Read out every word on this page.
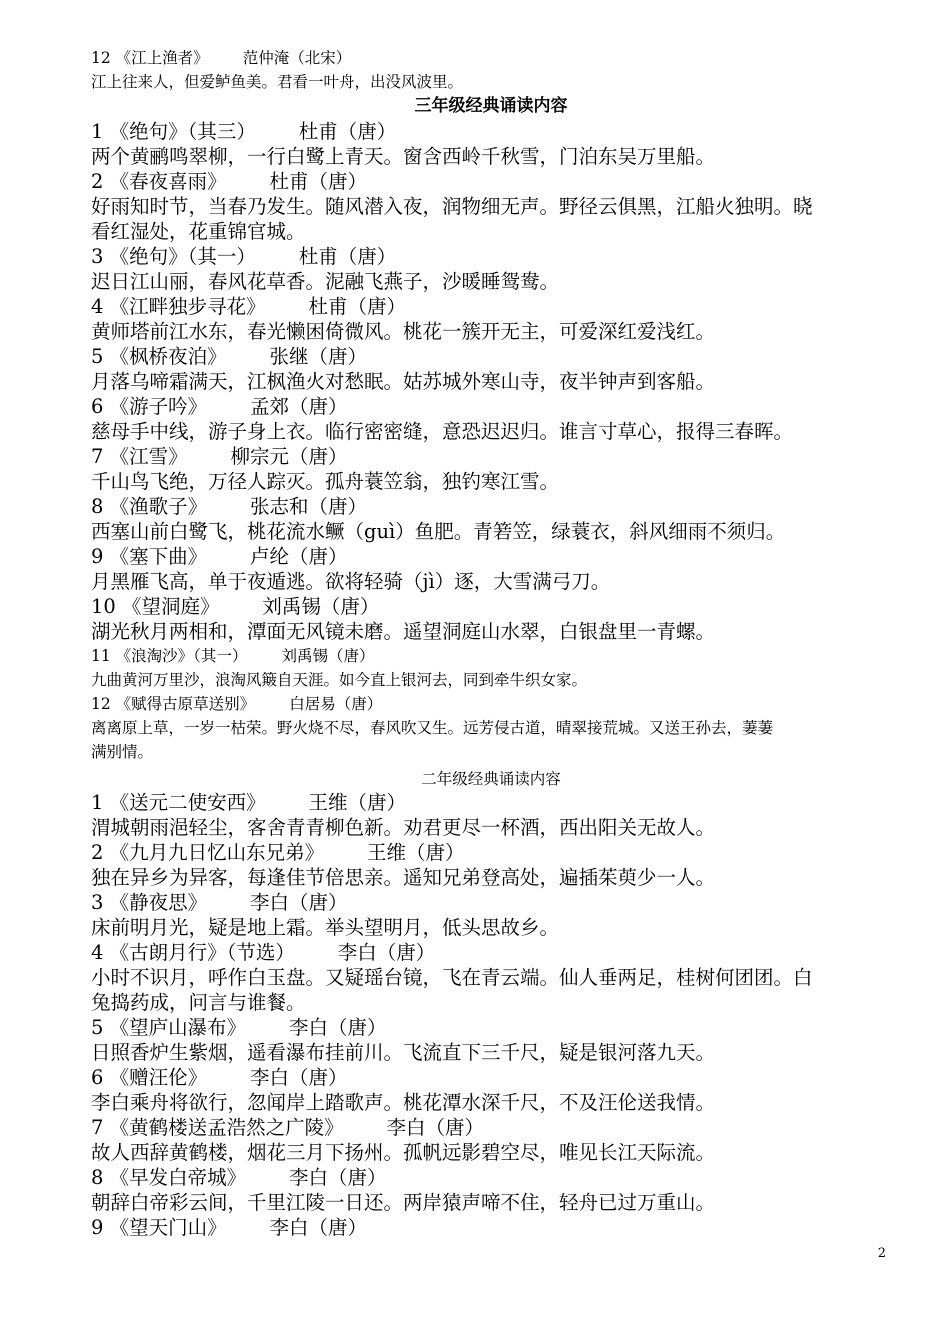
12 《江上渔者》 范仲淹（北宋）
江上往来人，但爱鲈鱼美。君看一叶舟，出没风波里。
三年级经典诵读内容
1 《绝句》（其三） 杜甫（唐）
两个黄鹂鸣翠柳，一行白鹭上青天。窗含西岭千秋雪，门泊东吴万里船。
2 《春夜喜雨》 杜甫（唐）
好雨知时节，当春乃发生。随风潜入夜，润物细无声。野径云俱黑，江船火独明。晓
看红湿处，花重锦官城。
3 《绝句》（其一） 杜甫（唐）
迟日江山丽，春风花草香。泥融飞燕子，沙暖睡鸳鸯。
4 《江畔独步寻花》 杜甫（唐）
黄师塔前江水东，春光懒困倚微风。桃花一簇开无主，可爱深红爱浅红。
5 《枫桥夜泊》 张继（唐）
月落乌啼霜满天，江枫渔火对愁眠。姑苏城外寒山寺，夜半钟声到客船。
6 《游子吟》 孟郊（唐）
慈母手中线，游子身上衣。临行密密缝，意恐迟迟归。谁言寸草心，报得三春晖。
7 《江雪》 柳宗元（唐）
千山鸟飞绝，万径人踪灭。孤舟蓑笠翁，独钓寒江雪。
8 《渔歌子》 张志和（唐）
西塞山前白鹭飞，桃花流水鳜（guì）鱼肥。青箬笠，绿蓑衣，斜风细雨不须归。
9 《塞下曲》 卢纶（唐）
月黑雁飞高，单于夜遁逃。欲将轻骑（jì）逐，大雪满弓刀。
10 《望洞庭》 刘禹锡（唐）
湖光秋月两相和，潭面无风镜未磨。遥望洞庭山水翠，白银盘里一青螺。
11 《浪淘沙》（其一） 刘禹锡（唐）
九曲黄河万里沙，浪淘风簸自天涯。如今直上银河去，同到牵牛织女家。
12 《赋得古原草送别》 白居易（唐）
离离原上草，一岁一枯荣。野火烧不尽，春风吹又生。远芳侵古道，晴翠接荒城。又送王孙去，萋萋
满别情。
二年级经典诵读内容
1 《送元二使安西》 王维（唐）
渭城朝雨浥轻尘，客舍青青柳色新。劝君更尽一杯酒，西出阳关无故人。
2 《九月九日忆山东兄弟》 王维（唐）
独在异乡为异客，每逢佳节倍思亲。遥知兄弟登高处，遍插茱萸少一人。
3 《静夜思》 李白（唐）
床前明月光，疑是地上霜。举头望明月，低头思故乡。
4 《古朗月行》（节选） 李白（唐）
小时不识月，呼作白玉盘。又疑瑶台镜，飞在青云端。仙人垂两足，桂树何团团。白
兔捣药成，问言与谁餐。
5 《望庐山瀑布》 李白（唐）
日照香炉生紫烟，遥看瀑布挂前川。飞流直下三千尺，疑是银河落九天。
6 《赠汪伦》 李白（唐）
李白乘舟将欲行，忽闻岸上踏歌声。桃花潭水深千尺，不及汪伦送我情。
7 《黄鹤楼送孟浩然之广陵》 李白（唐）
故人西辞黄鹤楼，烟花三月下扬州。孤帆远影碧空尽，唯见长江天际流。
8 《早发白帝城》 李白（唐）
朝辞白帝彩云间，千里江陵一日还。两岸猿声啼不住，轻舟已过万重山。
9 《望天门山》 李白（唐）
2
